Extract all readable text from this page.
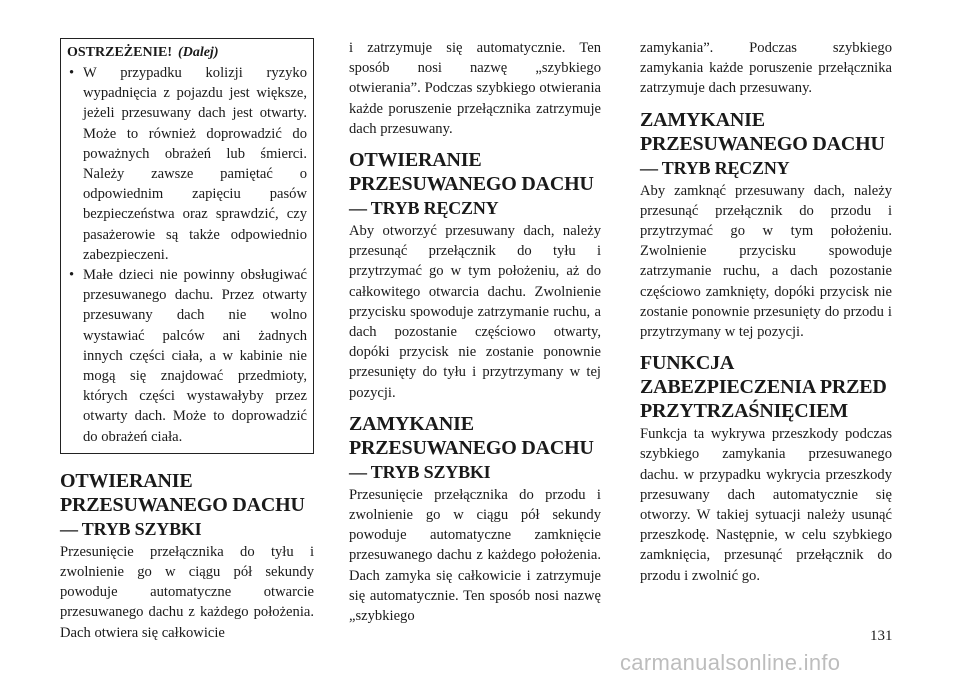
OSTRZEŻENIE! (Dalej)
• W przypadku kolizji ryzyko wypadnięcia z pojazdu jest większe, jeżeli przesuwany dach jest otwarty. Może to również doprowadzić do poważnych obrażeń lub śmierci. Należy zawsze pamiętać o odpowiednim zapięciu pasów bezpieczeństwa oraz sprawdzić, czy pasażerowie są także odpowiednio zabezpieczeni.
• Małe dzieci nie powinny obsługiwać przesuwanego dachu. Przez otwarty przesuwany dach nie wolno wystawiać palców ani żadnych innych części ciała, a w kabinie nie mogą się znajdować przedmioty, których części wystawałyby przez otwarty dach. Może to doprowadzić do obrażeń ciała.
OTWIERANIE
PRZESUWANEGO DACHU
— TRYB SZYBKI

Przesunięcie przełącznika do tyłu i zwolnienie go w ciągu pół sekundy powoduje automatyczne otwarcie przesuwanego dachu z każdego położenia. Dach otwiera się całkowicie

i zatrzymuje się automatycznie. Ten sposób nosi nazwę „szybkiego otwierania”. Podczas szybkiego otwierania każde poruszenie przełącznika zatrzymuje dach przesuwany.

OTWIERANIE
PRZESUWANEGO DACHU
— TRYB RĘCZNY

Aby otworzyć przesuwany dach, należy przesunąć przełącznik do tyłu i przytrzymać go w tym położeniu, aż do całkowitego otwarcia dachu. Zwolnienie przycisku spowoduje zatrzymanie ruchu, a dach pozostanie częściowo otwarty, dopóki przycisk nie zostanie ponownie przesunięty do tyłu i przytrzymany w tej pozycji.

ZAMYKANIE
PRZESUWANEGO DACHU
— TRYB SZYBKI

Przesunięcie przełącznika do przodu i zwolnienie go w ciągu pół sekundy powoduje automatyczne zamknięcie przesuwanego dachu z każdego położenia. Dach zamyka się całkowicie i zatrzymuje się automatycznie. Ten sposób nosi nazwę „szybkiego

zamykania”. Podczas szybkiego zamykania każde poruszenie przełącznika zatrzymuje dach przesuwany.

ZAMYKANIE
PRZESUWANEGO DACHU
— TRYB RĘCZNY

Aby zamknąć przesuwany dach, należy przesunąć przełącznik do przodu i przytrzymać go w tym położeniu. Zwolnienie przycisku spowoduje zatrzymanie ruchu, a dach pozostanie częściowo zamknięty, dopóki przycisk nie zostanie ponownie przesunięty do przodu i przytrzymany w tej pozycji.

FUNKCJA
ZABEZPIECZENIA PRZED
PRZYTRZAŚNIĘCIEM

Funkcja ta wykrywa przeszkody podczas szybkiego zamykania przesuwanego dachu. w przypadku wykrycia przeszkody przesuwany dach automatycznie się otworzy. W takiej sytuacji należy usunąć przeszkodę. Następnie, w celu szybkiego zamknięcia, przesunąć przełącznik do przodu i zwolnić go.

131
carmanualsonline.info
